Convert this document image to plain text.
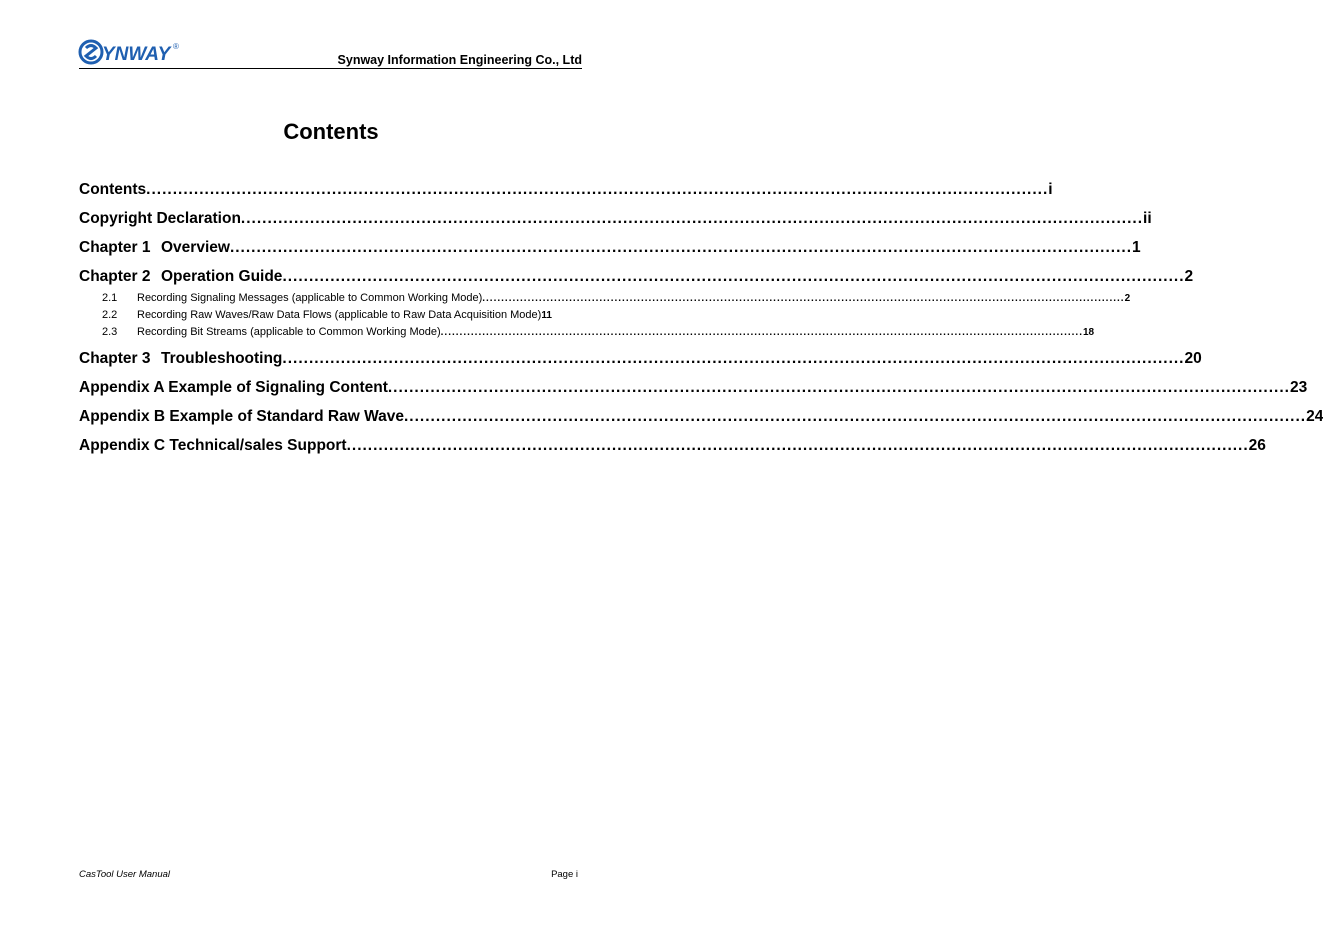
YNWAY ®
Synway Information Engineering Co., Ltd
Contents
Contents .......................................................................................................................................................................... i
Copyright Declaration .......................................................................................................................................................................... ii
Chapter 1 Overview .......................................................................................................................................................................... 1
Chapter 2 Operation Guide .......................................................................................................................................................................... 2
2.1 Recording Signaling Messages (applicable to Common Working Mode) .......................................................................................................................................................................... 2
2.2 Recording Raw Waves/Raw Data Flows (applicable to Raw Data Acquisition Mode) 11
2.3 Recording Bit Streams (applicable to Common Working Mode) .......................................................................................................................................................................... 18
Chapter 3 Troubleshooting .......................................................................................................................................................................... 20
Appendix A Example of Signaling Content .......................................................................................................................................................................... 23
Appendix B Example of Standard Raw Wave .......................................................................................................................................................................... 24
Appendix C Technical/sales Support .......................................................................................................................................................................... 26
CasTool User Manual	Page i
